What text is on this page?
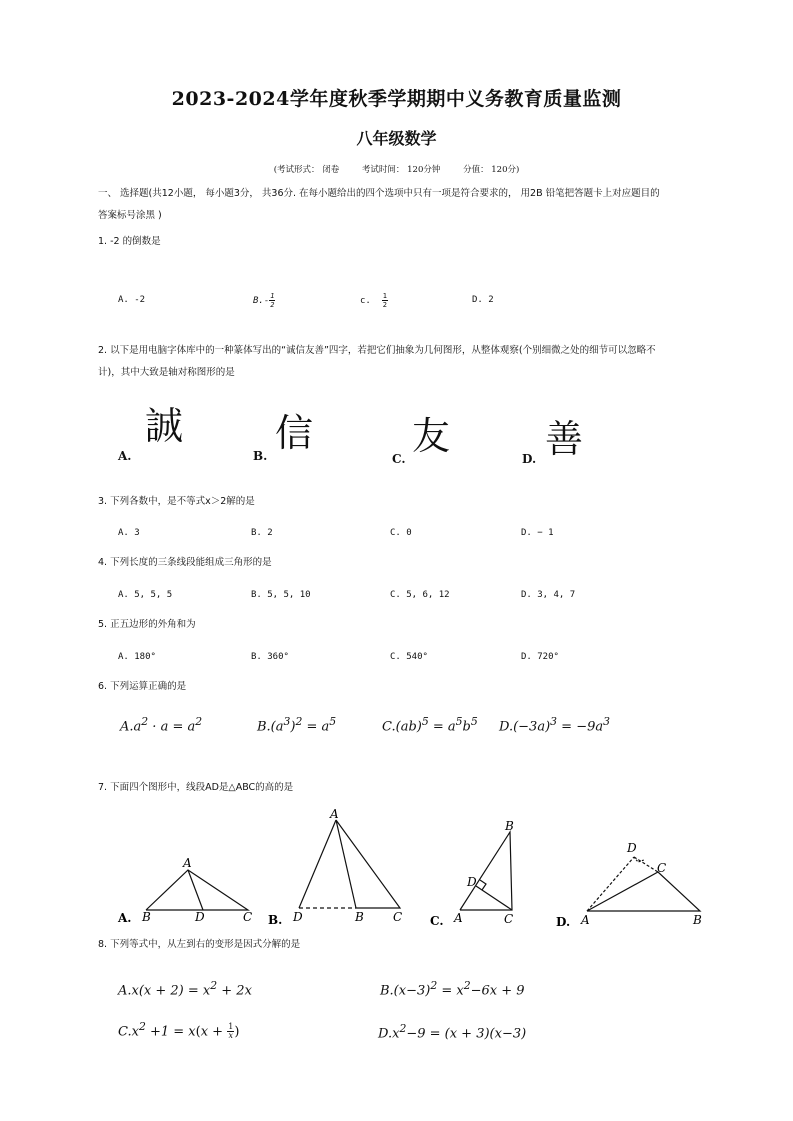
2023-2024学年度秋季学期期中义务教育质量监测
八年级数学
(考试形式： 闭卷	考试时间： 120分钟	分值： 120分)
一、 选择题(共12小题， 每小题3分， 共36分. 在每小题给出的四个选项中只有一项是符合要求的， 用2B 铅笔把答题卡上对应题目的
答案标号涂黑 )
1. -2 的倒数是
A. -2	$B.- \frac{1}{2}$	c. $\frac{1}{2}$	D. 2
2. 以下是用电脑字体库中的一种篆体写出的“诚信友善”四字，若把它们抽象为几何图形，从整体观察(个别细微之处的细节可以忽略不
计)，其中大致是轴对称图形的是
誠 信	友 善
A.	B.	C.	D.
3. 下列各数中，是不等式x＞2解的是
A. 3	B. 2	C. 0	D. − 1
4. 下列长度的三条线段能组成三角形的是
A. 5, 5, 5	B. 5, 5, 10	C. 5, 6, 12	D. 3, 4, 7
5. 正五边形的外角和为
A. 180°	B. 360°	C. 540°	D. 720°
6. 下列运算正确的是
$A.a^2 \cdot a = a^2$	$B.(a^3)^2 = a^5$	$C.(ab)^5 = a^5b^5$ $D.(-3a)^3 = -9a^3$
7. 下面四个图形中，线段AD是△ABC的高的是
A.
A
B	D	C B.
A
D	B C C.
B
D
A	C	D.
D
C
A	B
8. 下列等式中，从左到右的变形是因式分解的是
$A.x(x + 2) = x^2 + 2x$	$B.(x-3)^2 = x^2-6x + 9$
$C.x^2 +1 = x(x + \frac{1}{x}$ )	$D.x^2-9 = (x + 3)(x-3)$
